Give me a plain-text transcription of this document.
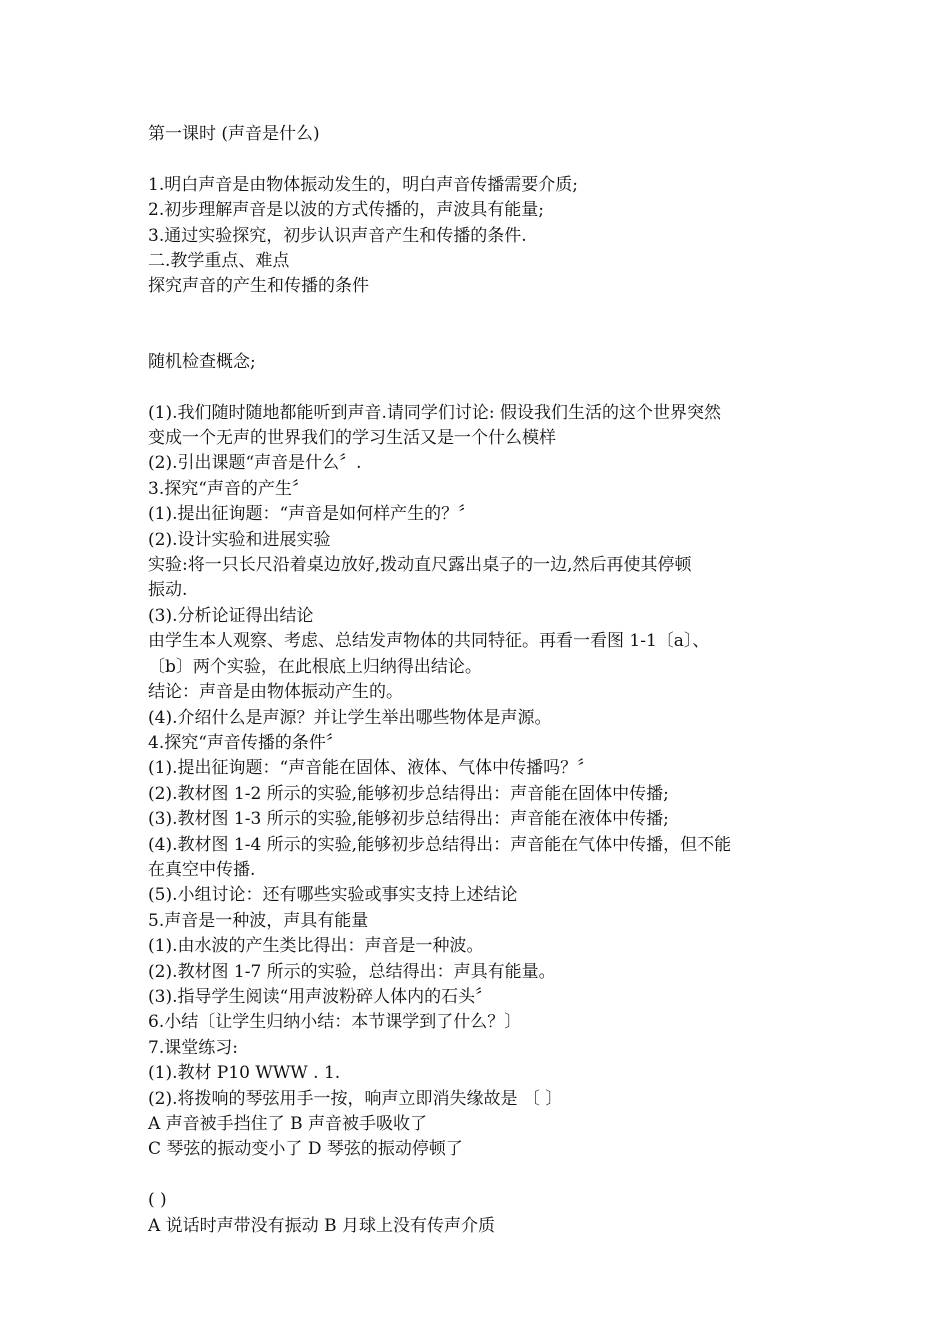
第一课时 (声音是什么)
1.明白声音是由物体振动发生的，明白声音传播需要介质;
2.初步理解声音是以波的方式传播的，声波具有能量;
3.通过实验探究，初步认识声音产生和传播的条件.
二.教学重点、难点
探究声音的产生和传播的条件
随机检查概念;
(1).我们随时随地都能听到声音.请同学们讨论: 假设我们生活的这个世界突然
变成一个无声的世界我们的学习生活又是一个什么模样
(2).引出课题“声音是什么〞.
3.探究“声音的产生〞
(1).提出征询题：“声音是如何样产生的？〞
(2).设计实验和进展实验
实验:将一只长尺沿着桌边放好,拨动直尺露出桌子的一边,然后再使其停顿
振动.
(3).分析论证得出结论
由学生本人观察、考虑、总结发声物体的共同特征。再看一看图 1-1〔a〕、
〔b〕两个实验，在此根底上归纳得出结论。
结论：声音是由物体振动产生的。
(4).介绍什么是声源？并让学生举出哪些物体是声源。
4.探究“声音传播的条件〞
(1).提出征询题：“声音能在固体、液体、气体中传播吗？〞
(2).教材图 1-2 所示的实验,能够初步总结得出：声音能在固体中传播;
(3).教材图 1-3 所示的实验,能够初步总结得出：声音能在液体中传播;
(4).教材图 1-4 所示的实验,能够初步总结得出：声音能在气体中传播，但不能
在真空中传播.
(5).小组讨论：还有哪些实验或事实支持上述结论
5.声音是一种波，声具有能量
(1).由水波的产生类比得出：声音是一种波。
(2).教材图 1-7 所示的实验，总结得出：声具有能量。
(3).指导学生阅读“用声波粉碎人体内的石头〞
6.小结〔让学生归纳小结：本节课学到了什么？〕
7.课堂练习:
(1).教材 P10 WWW . 1.
(2).将拨响的琴弦用手一按，响声立即消失缘故是 〔 〕
A 声音被手挡住了 B 声音被手吸收了
C 琴弦的振动变小了 D 琴弦的振动停顿了
( )
A 说话时声带没有振动 B 月球上没有传声介质
